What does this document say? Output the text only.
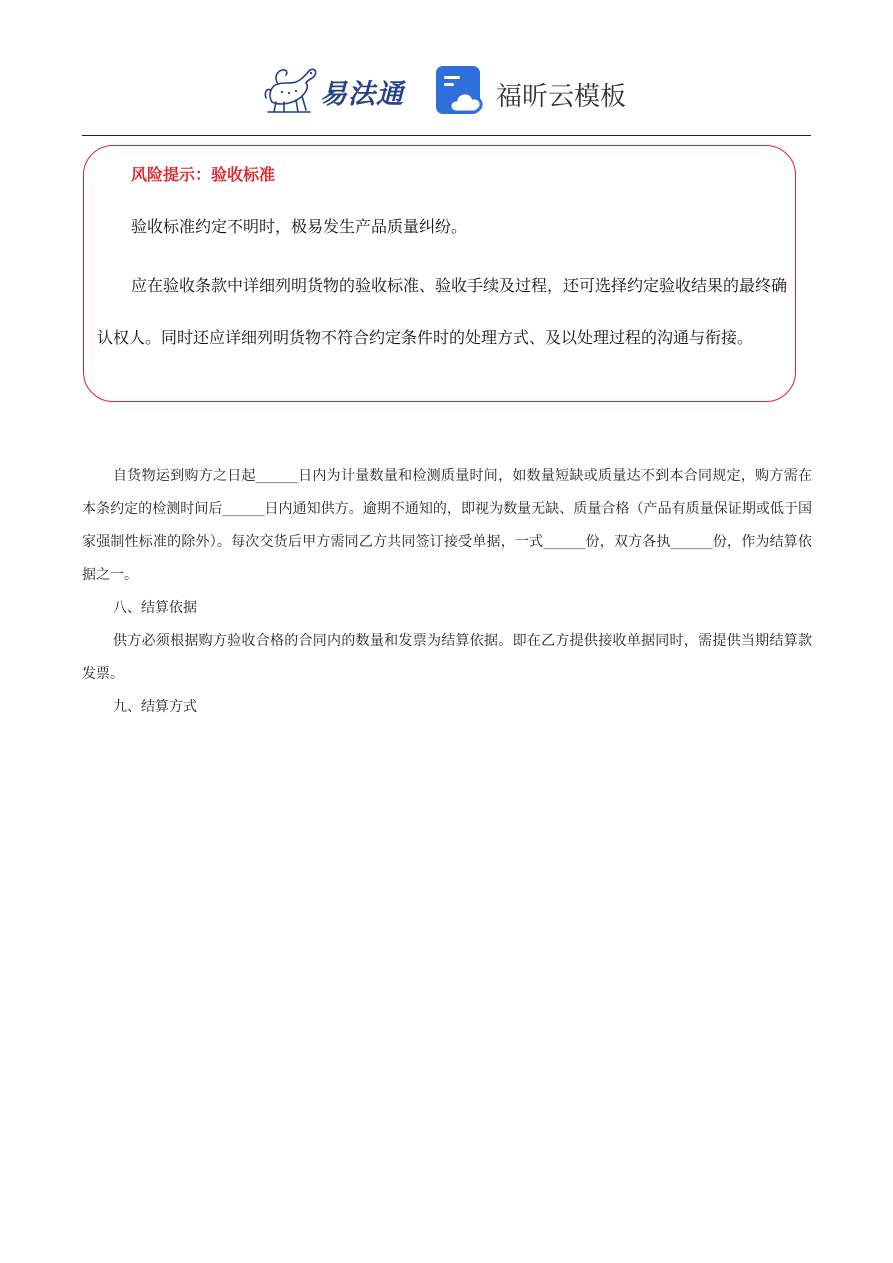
易法通	福昕云模板
风险提示：验收标准
验收标准约定不明时，极易发生产品质量纠纷。

应在验收条款中详细列明货物的验收标准、验收手续及过程，还可选择约定验收结果的最终确认权人。同时还应详细列明货物不符合约定条件时的处理方式、及以处理过程的沟通与衔接。

自货物运到购方之日起______日内为计量数量和检测质量时间，如数量短缺或质量达不到本合同规定，购方需在本条约定的检测时间后______日内通知供方。逾期不通知的，即视为数量无缺、质量合格（产品有质量保证期或低于国家强制性标准的除外）。每次交货后甲方需同乙方共同签订接受单据，一式______份，双方各执______份，作为结算依据之一。

八、结算依据

供方必须根据购方验收合格的合同内的数量和发票为结算依据。即在乙方提供接收单据同时，需提供当期结算款发票。

九、结算方式
